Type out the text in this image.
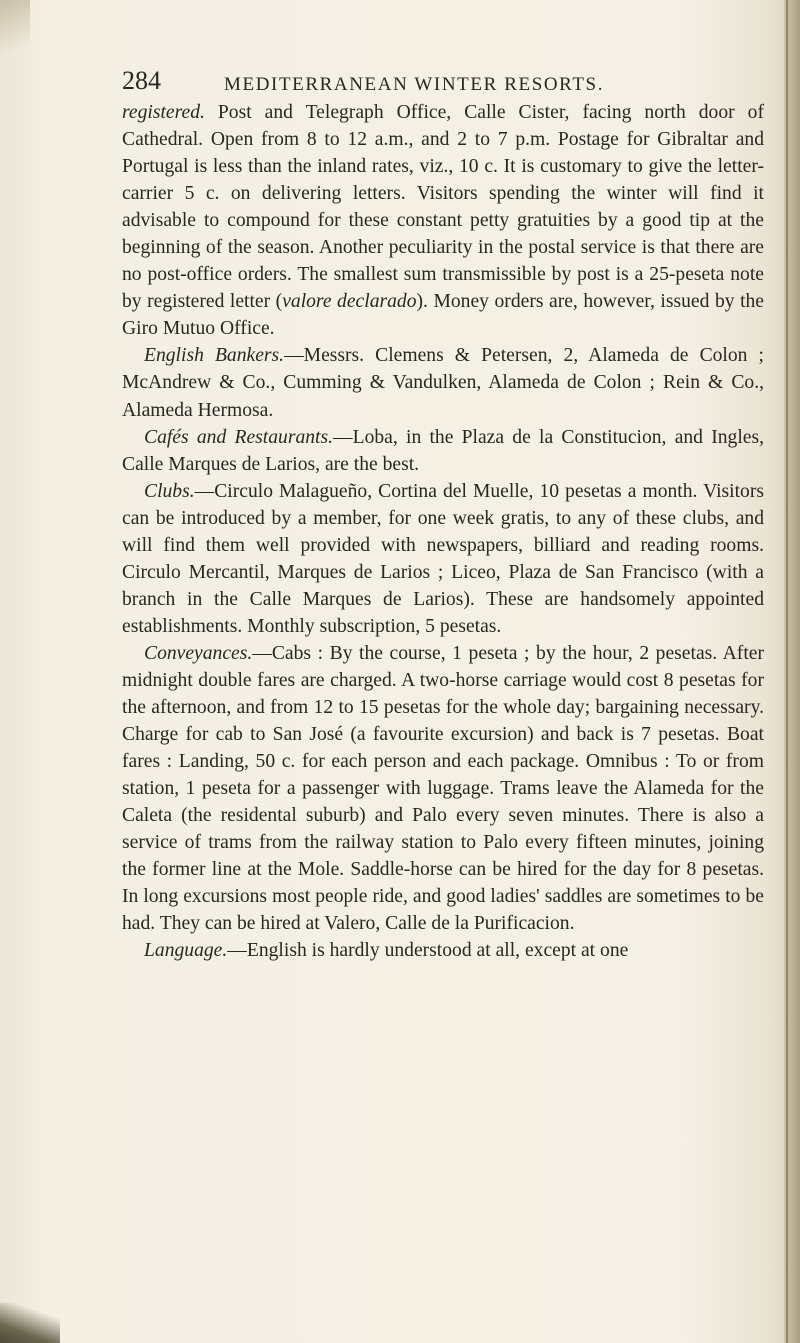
284	MEDITERRANEAN WINTER RESORTS.

registered. Post and Telegraph Office, Calle Cister, facing north door of Cathedral. Open from 8 to 12 a.m., and 2 to 7 p.m. Postage for Gibraltar and Portugal is less than the inland rates, viz., 10 c. It is customary to give the letter-carrier 5 c. on delivering letters. Visitors spending the winter will find it advisable to compound for these constant petty gratuities by a good tip at the beginning of the season. Another peculiarity in the postal service is that there are no post-office orders. The smallest sum transmissible by post is a 25-peseta note by registered letter (valore declarado). Money orders are, however, issued by the Giro Mutuo Office.

English Bankers.—Messrs. Clemens & Petersen, 2, Alameda de Colon ; McAndrew & Co., Cumming & Vandulken, Alameda de Colon ; Rein & Co., Alameda Hermosa.

Cafés and Restaurants.—Loba, in the Plaza de la Constitucion, and Ingles, Calle Marques de Larios, are the best.

Clubs.—Circulo Malagueño, Cortina del Muelle, 10 pesetas a month. Visitors can be introduced by a member, for one week gratis, to any of these clubs, and will find them well provided with newspapers, billiard and reading rooms. Circulo Mercantil, Marques de Larios ; Liceo, Plaza de San Francisco (with a branch in the Calle Marques de Larios). These are handsomely appointed establishments. Monthly subscription, 5 pesetas.

Conveyances.—Cabs : By the course, 1 peseta ; by the hour, 2 pesetas. After midnight double fares are charged. A two-horse carriage would cost 8 pesetas for the afternoon, and from 12 to 15 pesetas for the whole day; bargaining necessary. Charge for cab to San José (a favourite excursion) and back is 7 pesetas. Boat fares : Landing, 50 c. for each person and each package. Omnibus : To or from station, 1 peseta for a passenger with luggage. Trams leave the Alameda for the Caleta (the residental suburb) and Palo every seven minutes. There is also a service of trams from the railway station to Palo every fifteen minutes, joining the former line at the Mole. Saddle-horse can be hired for the day for 8 pesetas. In long excursions most people ride, and good ladies' saddles are sometimes to be had. They can be hired at Valero, Calle de la Purificacion.

Language.—English is hardly understood at all, except at one
